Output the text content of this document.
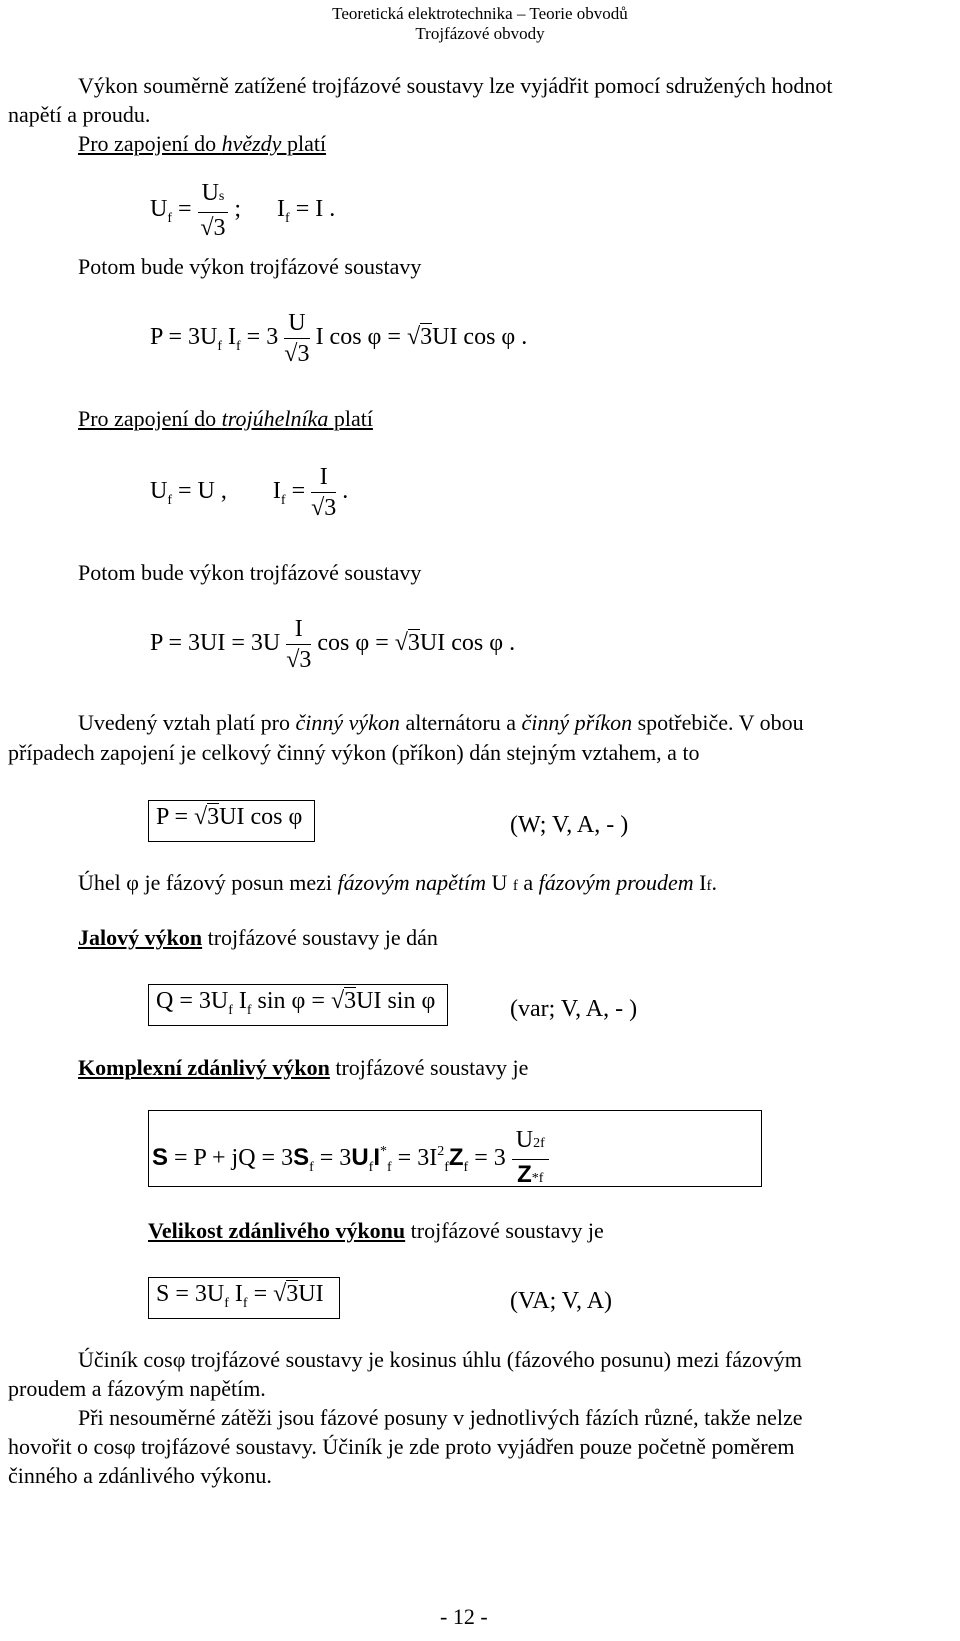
Teoretická elektrotechnika – Teorie obvodů
Trojfázové obvody
Výkon souměrně zatížené trojfázové soustavy lze vyjádřit pomocí sdružených hodnot
napětí a proudu.
Pro zapojení do hvězdy platí
$U_f = \frac{Us}{√3}$ ; $I_f = I$ .
Potom bude výkon trojfázové soustavy
$P = 3U_f$ $I_f = 3 \frac{U}{√3}$ I cos φ = √3UI cos φ .
Pro zapojení do trojúhelníka platí
$U_f = U$ , $I_f = \frac{I}{√3}$ .
Potom bude výkon trojfázové soustavy
$P = 3UI = 3U \frac{I}{√3}$ cos φ = √3UI cos φ .
Uvedený vztah platí pro činný výkon alternátoru a činný příkon spotřebiče. V obou
případech zapojení je celkový činný výkon (příkon) dán stejným vztahem, a to
P = √3UI cos φ	(W; V, A, - )
Úhel φ je fázový posun mezi fázovým napětím U f a fázovým proudem If.
Jalový výkon trojfázové soustavy je dán
$Q = 3U_f$ $I_f$ sin φ = √3UI sin φ	(var; V, A, - )
Komplexní zdánlivý výkon trojfázové soustavy je
S = P + jQ = $3S_f = 3U_fI^*_f = 3I^2_fZ_f = 3 \frac{U2f}{Z*f}$
Velikost zdánlivého výkonu trojfázové soustavy je
$S = 3U_f$ $I_f = √3UI$	(VA; V, A)
Účiník cosφ trojfázové soustavy je kosinus úhlu (fázového posunu) mezi fázovým
proudem a fázovým napětím.
Při nesouměrné zátěži jsou fázové posuny v jednotlivých fázích různé, takže nelze
hovořit o cosφ trojfázové soustavy. Účiník je zde proto vyjádřen pouze početně poměrem
činného a zdánlivého výkonu.
- 12 -
